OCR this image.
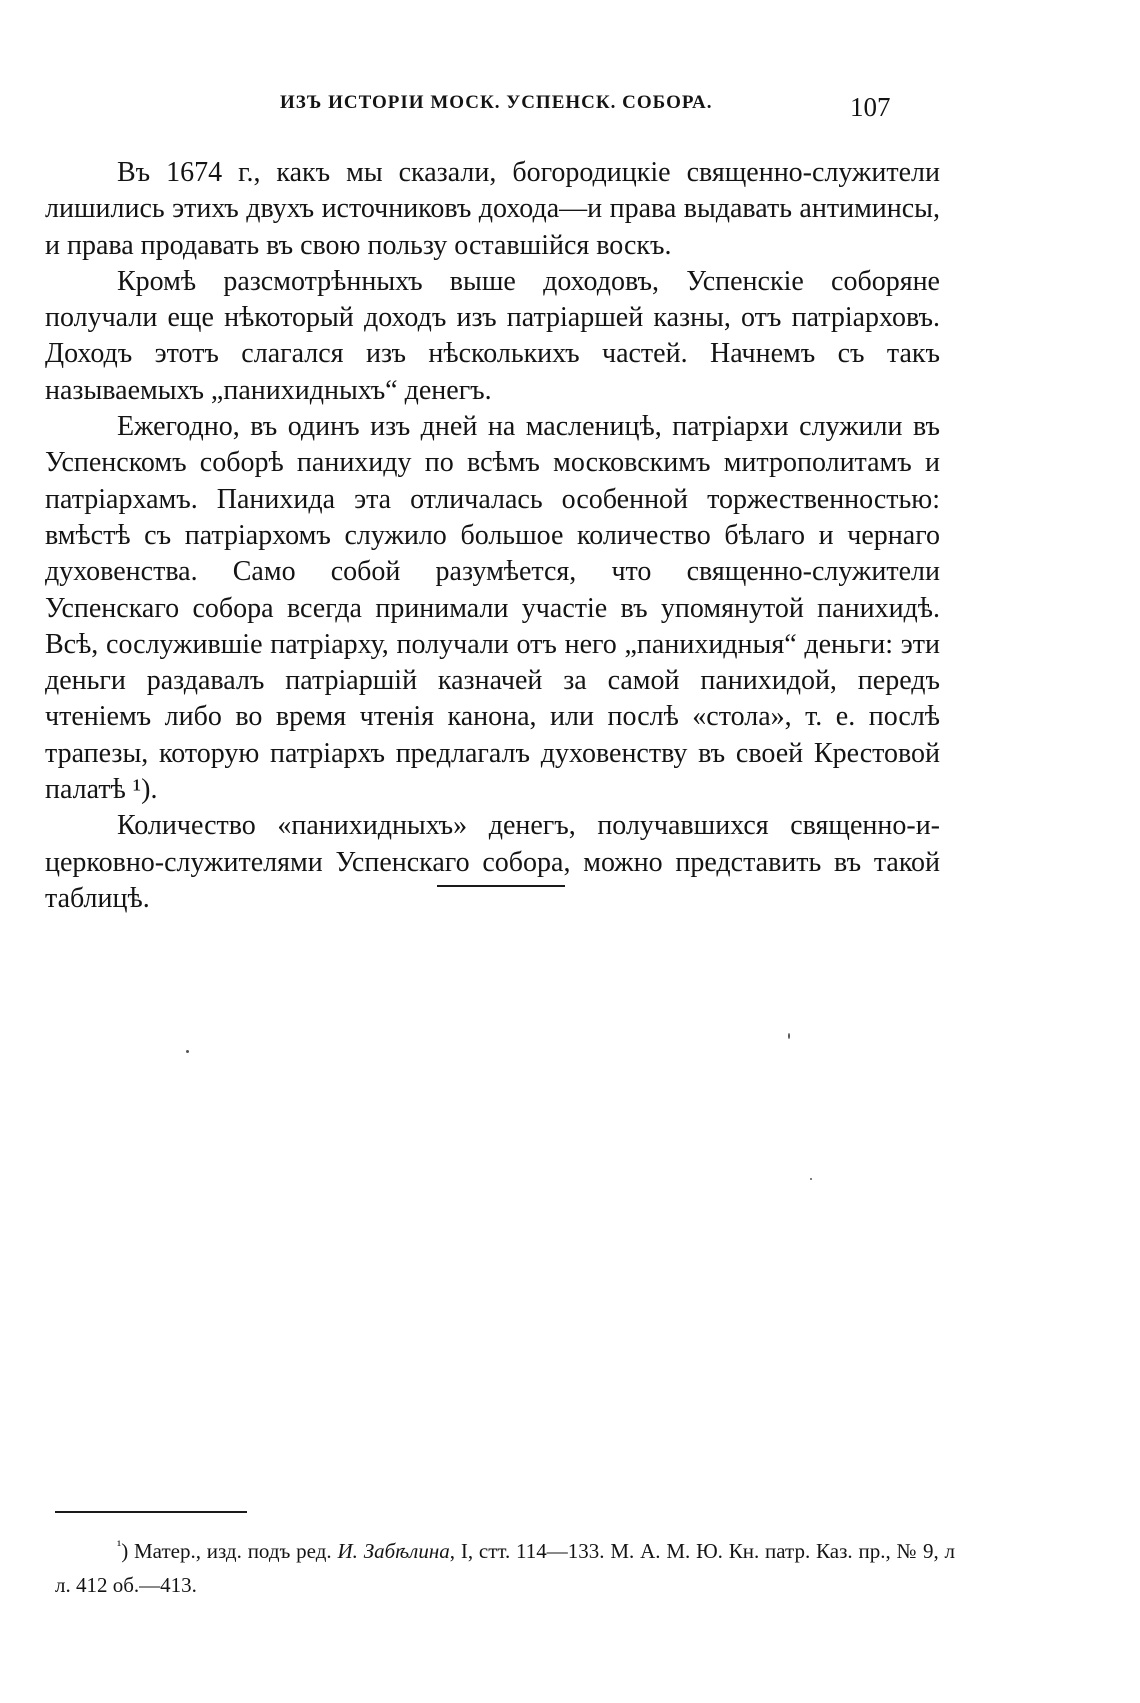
ИЗЪ ИСТОРІИ МОСК. УСПЕНСК. СОБОРА.	107

Въ 1674 г., какъ мы сказали, богородицкіе священно-служители лишились этихъ двухъ источниковъ дохода—и права выдавать антиминсы, и права продавать въ свою пользу оставшійся воскъ.

Кромѣ разсмотрѣнныхъ выше доходовъ, Успенскіе соборяне получали еще нѣкоторый доходъ изъ патріаршей казны, отъ патріарховъ. Доходъ этотъ слагался изъ нѣсколькихъ частей. Начнемъ съ такъ называемыхъ „панихидныхъ“ денегъ.

Ежегодно, въ одинъ изъ дней на масленицѣ, патріархи служили въ Успенскомъ соборѣ панихиду по всѣмъ московскимъ митрополитамъ и патріархамъ. Панихида эта отличалась особенной торжественностью: вмѣстѣ съ патріархомъ служило большое количество бѣлаго и чернаго духовенства. Само собой разумѣется, что священно-служители Успенскаго собора всегда принимали участіе въ упомянутой панихидѣ. Всѣ, сослужившіе патріарху, получали отъ него „панихидныя“ деньги: эти деньги раздавалъ патріаршій казначей за самой панихидой, передъ чтеніемъ либо во время чтенія канона, или послѣ «стола», т. е. послѣ трапезы, которую патріархъ предлагалъ духовенству въ своей Крестовой палатѣ ¹).

Количество «панихидныхъ» денегъ, получавшихся священно-и-церковно-служителями Успенскаго собора, можно представить въ такой таблицѣ.

$^{^1}$) Матер., изд. подъ ред. И. Забѣлина, I, стт. 114—133. М. А. М. Ю. Кн. патр. Каз. пр., № 9, л л. 412 об.—413.
